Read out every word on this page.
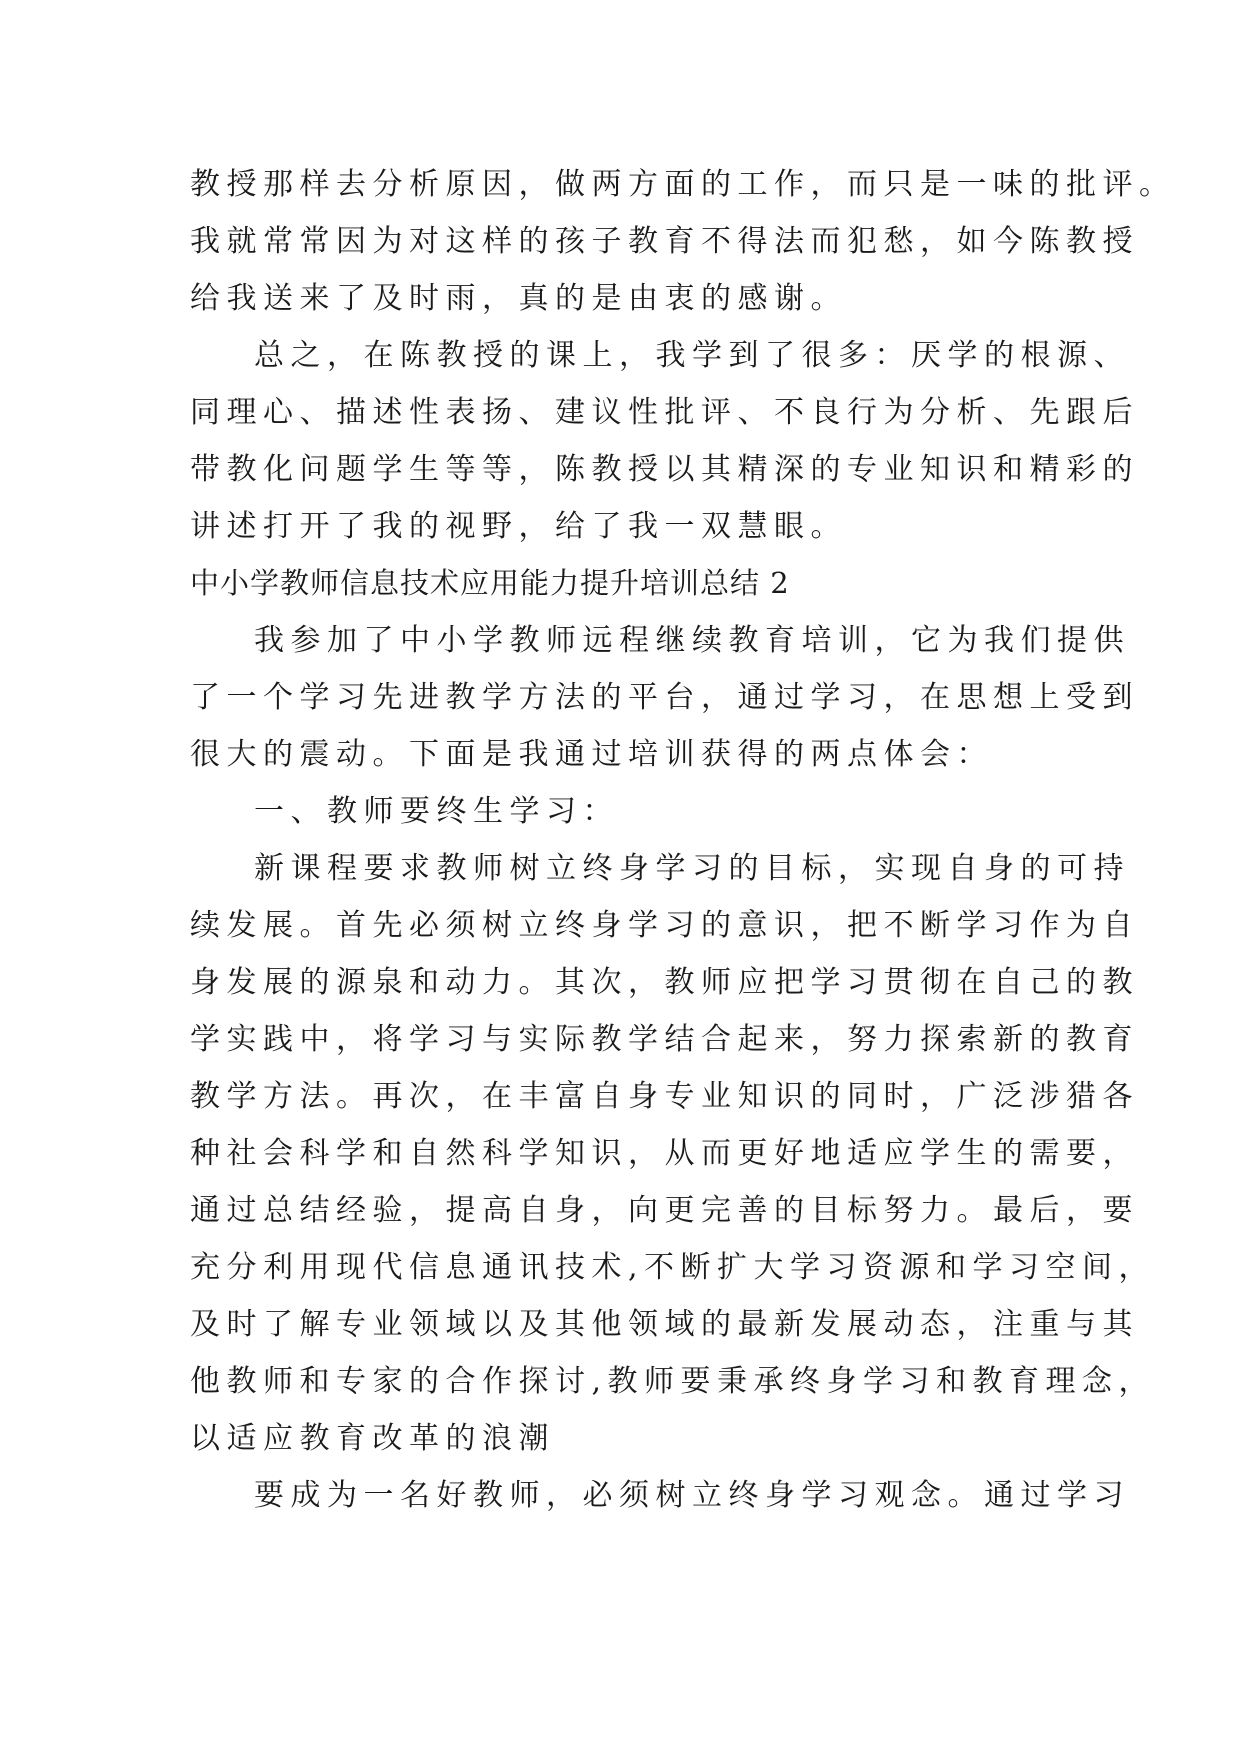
教授那样去分析原因，做两方面的工作，而只是一味的批评。
我就常常因为对这样的孩子教育不得法而犯愁，如今陈教授
给我送来了及时雨，真的是由衷的感谢。
总之，在陈教授的课上，我学到了很多：厌学的根源、
同理心、描述性表扬、建议性批评、不良行为分析、先跟后
带教化问题学生等等，陈教授以其精深的专业知识和精彩的
讲述打开了我的视野，给了我一双慧眼。
中小学教师信息技术应用能力提升培训总结 2
我参加了中小学教师远程继续教育培训，它为我们提供
了一个学习先进教学方法的平台，通过学习，在思想上受到
很大的震动。下面是我通过培训获得的两点体会：
一、教师要终生学习：
新课程要求教师树立终身学习的目标，实现自身的可持
续发展。首先必须树立终身学习的意识，把不断学习作为自
身发展的源泉和动力。其次，教师应把学习贯彻在自己的教
学实践中，将学习与实际教学结合起来，努力探索新的教育
教学方法。再次，在丰富自身专业知识的同时，广泛涉猎各
种社会科学和自然科学知识，从而更好地适应学生的需要，
通过总结经验，提高自身，向更完善的目标努力。最后，要
充分利用现代信息通讯技术,不断扩大学习资源和学习空间，
及时了解专业领域以及其他领域的最新发展动态，注重与其
他教师和专家的合作探讨,教师要秉承终身学习和教育理念，
以适应教育改革的浪潮
要成为一名好教师，必须树立终身学习观念。通过学习
